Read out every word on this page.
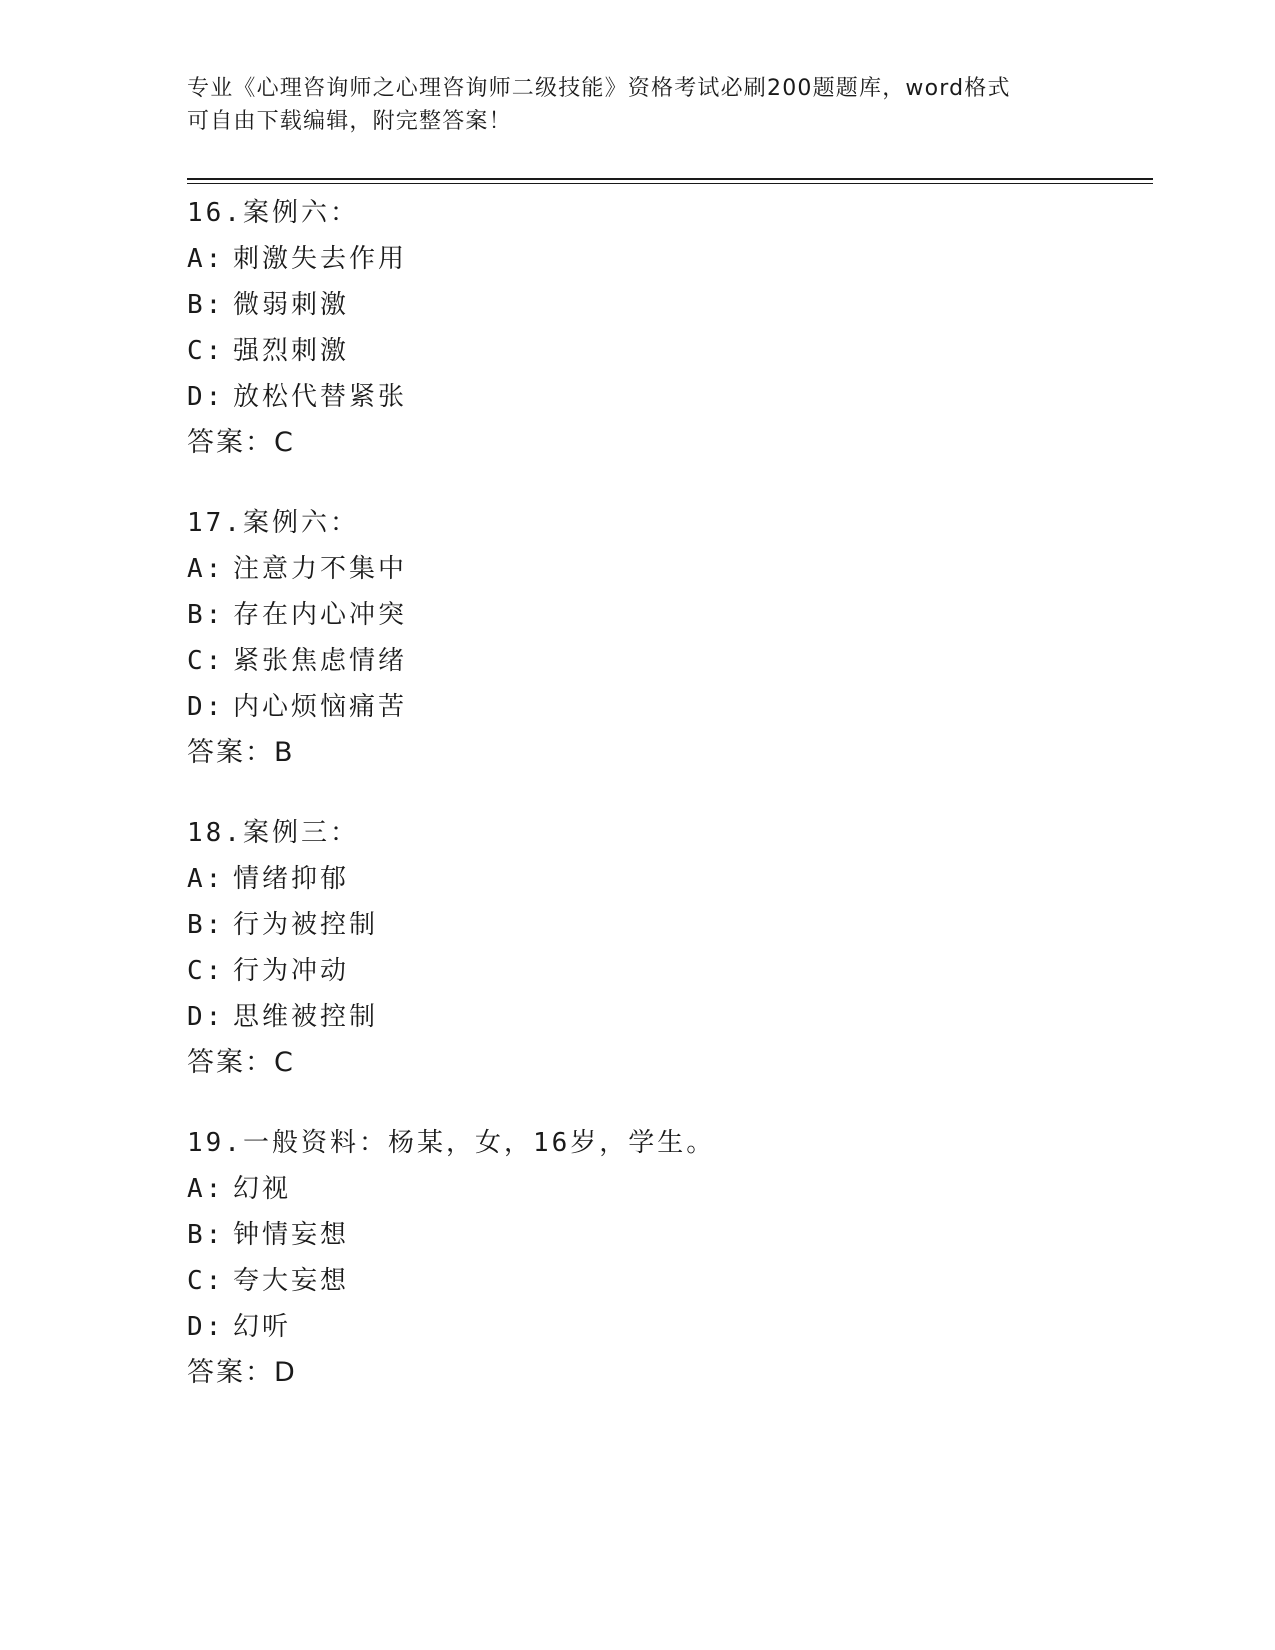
专业《心理咨询师之心理咨询师二级技能》资格考试必刷200题题库，word格式
可自由下载编辑，附完整答案！
16.案例六：
A: 刺激失去作用
B: 微弱刺激
C: 强烈刺激
D: 放松代替紧张
答案：C
17.案例六：
A: 注意力不集中
B: 存在内心冲突
C: 紧张焦虑情绪
D: 内心烦恼痛苦
答案：B
18.案例三：
A: 情绪抑郁
B: 行为被控制
C: 行为冲动
D: 思维被控制
答案：C
19.一般资料：杨某，女，16岁，学生。
A: 幻视
B: 钟情妄想
C: 夸大妄想
D: 幻听
答案：D
